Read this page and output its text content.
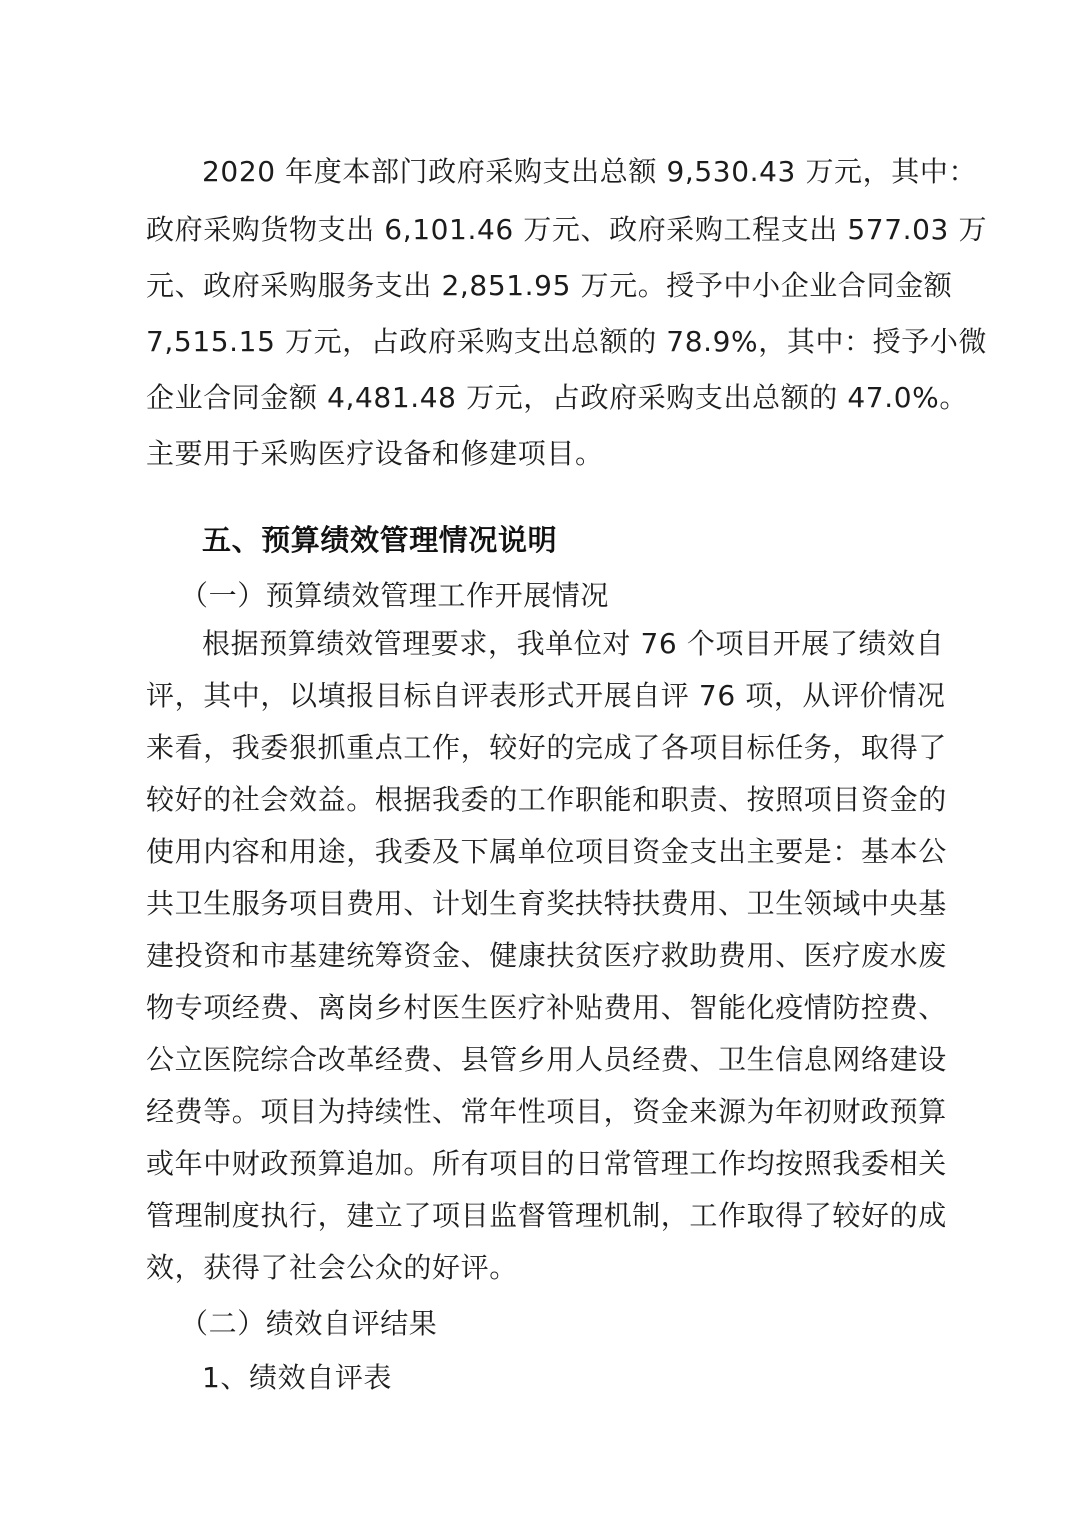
2020 年度本部门政府采购支出总额 9,530.43 万元，其中：
政府采购货物支出 6,101.46 万元、政府采购工程支出 577.03 万
元、政府采购服务支出 2,851.95 万元。授予中小企业合同金额
7,515.15 万元，占政府采购支出总额的 78.9%，其中：授予小微
企业合同金额 4,481.48 万元，占政府采购支出总额的 47.0%。
主要用于采购医疗设备和修建项目。
五、预算绩效管理情况说明
（一）预算绩效管理工作开展情况
根据预算绩效管理要求，我单位对 76 个项目开展了绩效自
评，其中，以填报目标自评表形式开展自评 76 项，从评价情况
来看，我委狠抓重点工作，较好的完成了各项目标任务，取得了
较好的社会效益。根据我委的工作职能和职责、按照项目资金的
使用内容和用途，我委及下属单位项目资金支出主要是：基本公
共卫生服务项目费用、计划生育奖扶特扶费用、卫生领域中央基
建投资和市基建统筹资金、健康扶贫医疗救助费用、医疗废水废
物专项经费、离岗乡村医生医疗补贴费用、智能化疫情防控费、
公立医院综合改革经费、县管乡用人员经费、卫生信息网络建设
经费等。项目为持续性、常年性项目，资金来源为年初财政预算
或年中财政预算追加。所有项目的日常管理工作均按照我委相关
管理制度执行，建立了项目监督管理机制，工作取得了较好的成
效，获得了社会公众的好评。
（二）绩效自评结果
1、绩效自评表
